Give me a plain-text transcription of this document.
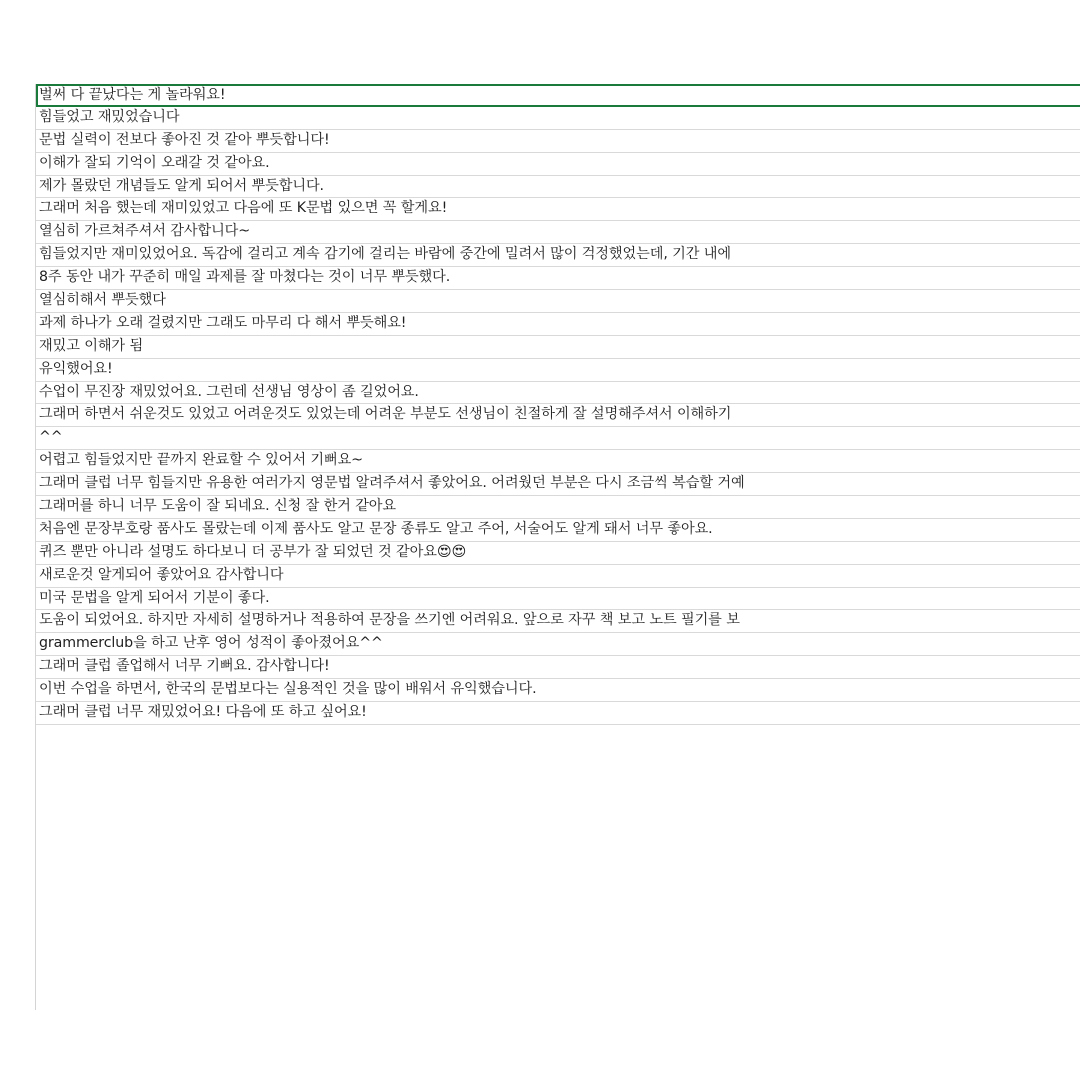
벌써 다 끝났다는 게 놀라워요!
힘들었고 재밌었습니다
문법 실력이 전보다 좋아진 것 같아 뿌듯합니다!
이해가 잘되 기억이 오래갈 것 같아요.
제가 몰랐던 개념들도 알게 되어서 뿌듯합니다.
그래머 처음 했는데 재미있었고 다음에 또 K문법 있으면 꼭 할게요!
열심히 가르쳐주셔서 감사합니다~
힘들었지만 재미있었어요. 독감에 걸리고 계속 감기에 걸리는 바람에 중간에 밀려서 많이 걱정했었는데, 기간 내에
8주 동안 내가 꾸준히 매일 과제를 잘 마쳤다는 것이 너무 뿌듯했다.
열심히해서 뿌듯했다
과제 하나가 오래 걸렸지만 그래도 마무리 다 해서 뿌듯해요!
재밌고 이해가 됨
유익했어요!
수업이 무진장 재밌었어요. 그런데 선생님 영상이 좀 길었어요.
그래머 하면서 쉬운것도 있었고 어려운것도 있었는데 어려운 부분도 선생님이 친절하게 잘 설명해주셔서 이해하기
^^
어렵고 힘들었지만 끝까지 완료할 수 있어서 기뻐요~
그래머 클럽 너무 힘들지만 유용한 여러가지 영문법 알려주셔서 좋았어요. 어려웠던 부분은 다시 조금씩 복습할 거예
그래머를 하니 너무 도움이 잘 되네요. 신청 잘 한거 같아요
처음엔 문장부호랑 품사도 몰랐는데 이제 품사도 알고 문장 종류도 알고 주어, 서술어도 알게 돼서 너무 좋아요.
퀴즈 뿐만 아니라 설명도 하다보니 더 공부가 잘 되었던 것 같아요😍😍
새로운것 알게되어 좋았어요 감사합니다
미국 문법을 알게 되어서 기분이 좋다.
도움이 되었어요. 하지만 자세히 설명하거나 적용하여 문장을 쓰기엔 어려워요. 앞으로 자꾸 책 보고 노트 필기를 보
grammerclub을 하고 난후 영어 성적이 좋아졌어요^^
그래머 클럽 졸업해서 너무 기뻐요. 감사합니다!
이번 수업을 하면서, 한국의 문법보다는 실용적인 것을 많이 배워서 유익했습니다.
그래머 클럽 너무 재밌었어요! 다음에 또 하고 싶어요!
